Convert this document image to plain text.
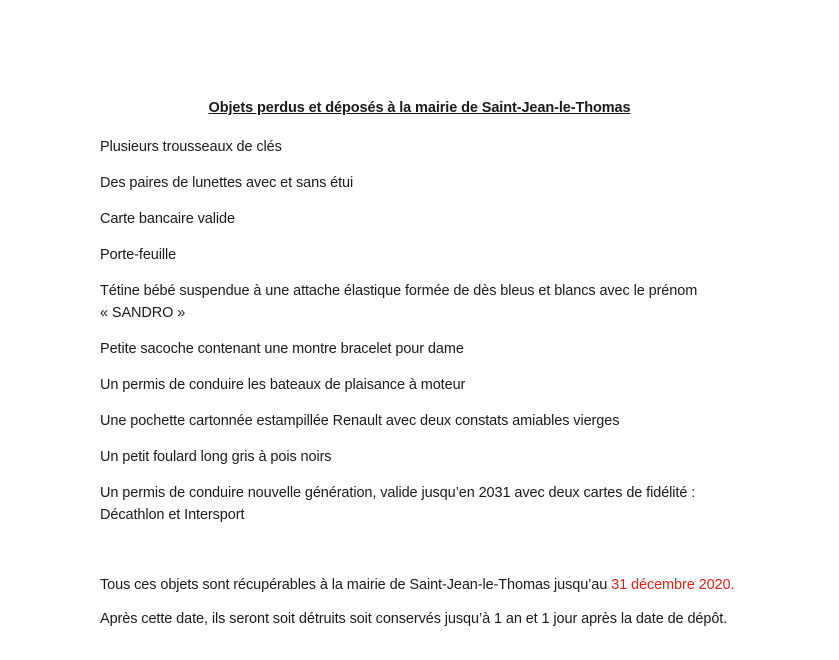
Objets perdus et déposés à la mairie de Saint-Jean-le-Thomas
Plusieurs trousseaux de clés
Des paires de lunettes avec et sans étui
Carte bancaire valide
Porte-feuille
Tétine bébé suspendue à une attache élastique formée de dès bleus et blancs avec le prénom
« SANDRO »
Petite sacoche contenant une montre bracelet pour dame
Un permis de conduire les bateaux de plaisance à moteur
Une pochette cartonnée estampillée Renault avec deux constats amiables vierges
Un petit foulard long gris à pois noirs
Un permis de conduire nouvelle génération, valide jusqu’en 2031 avec deux cartes de fidélité :
Décathlon et Intersport

Tous ces objets sont récupérables à la mairie de Saint-Jean-le-Thomas jusqu’au 31 décembre 2020.

Après cette date, ils seront soit détruits soit conservés jusqu’à 1 an et 1 jour après la date de dépôt.
